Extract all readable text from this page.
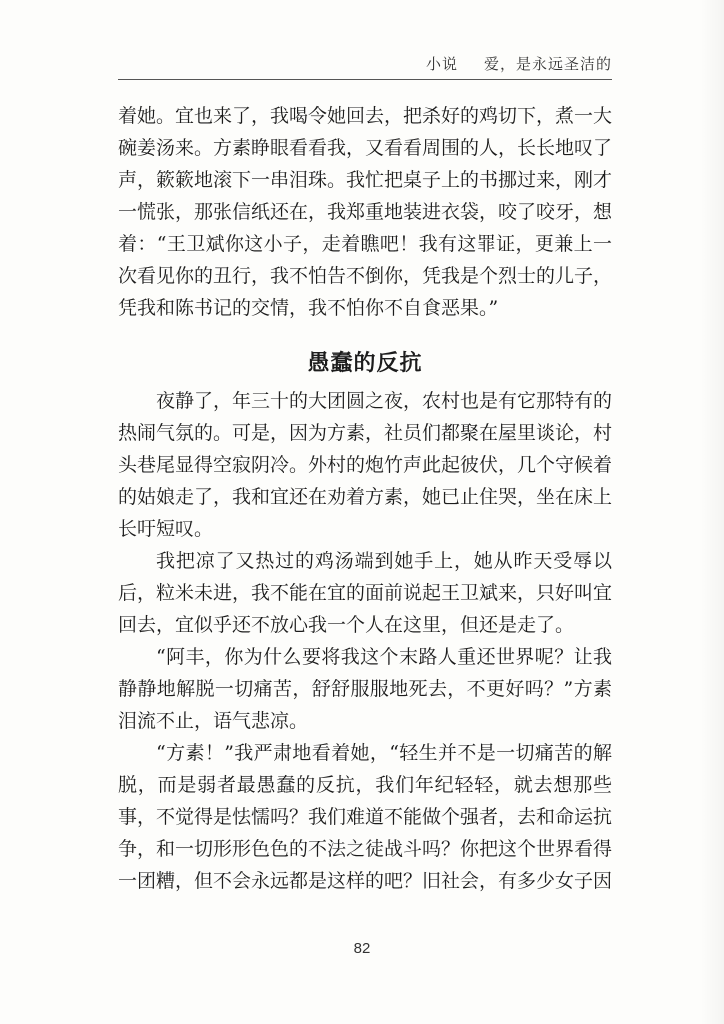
小说 爱，是永远圣洁的

着她。宜也来了，我喝令她回去，把杀好的鸡切下，煮一大碗姜汤来。方素睁眼看看我，又看看周围的人，长长地叹了声，簌簌地滚下一串泪珠。我忙把桌子上的书挪过来，刚才一慌张，那张信纸还在，我郑重地装进衣袋，咬了咬牙，想着：“王卫斌你这小子，走着瞧吧！我有这罪证，更兼上一次看见你的丑行，我不怕告不倒你，凭我是个烈士的儿子，凭我和陈书记的交情，我不怕你不自食恶果。”

愚蠢的反抗

夜静了，年三十的大团圆之夜，农村也是有它那特有的热闹气氛的。可是，因为方素，社员们都聚在屋里谈论，村头巷尾显得空寂阴冷。外村的炮竹声此起彼伏，几个守候着的姑娘走了，我和宜还在劝着方素，她已止住哭，坐在床上长吁短叹。

我把凉了又热过的鸡汤端到她手上，她从昨天受辱以后，粒米未进，我不能在宜的面前说起王卫斌来，只好叫宜回去，宜似乎还不放心我一个人在这里，但还是走了。

“阿丰，你为什么要将我这个末路人重还世界呢？让我静静地解脱一切痛苦，舒舒服服地死去，不更好吗？”方素泪流不止，语气悲凉。

“方素！”我严肃地看着她，“轻生并不是一切痛苦的解脱，而是弱者最愚蠢的反抗，我们年纪轻轻，就去想那些事，不觉得是怯懦吗？我们难道不能做个强者，去和命运抗争，和一切形形色色的不法之徒战斗吗？你把这个世界看得一团糟，但不会永远都是这样的吧？旧社会，有多少女子因

82
